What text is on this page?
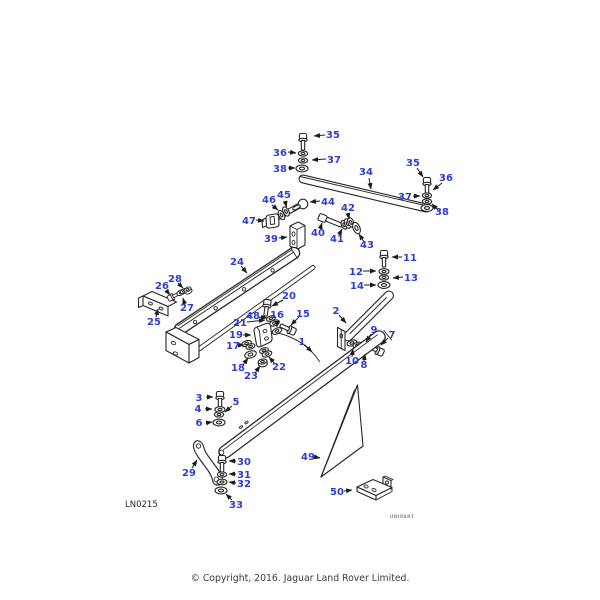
35
36
37
38	34
35
36
37
38
44
45
46
47
42
40
41
43
39
24	11
12
13
14
28
26
27
25
20
48
21
16 15
19
17
2
1
18
23
22
9 7
10 8
3
4
5
6
29
30
31
32
33
49
50
LN0215
UNIPART
© Copyright, 2016. Jaguar Land Rover Limited.
